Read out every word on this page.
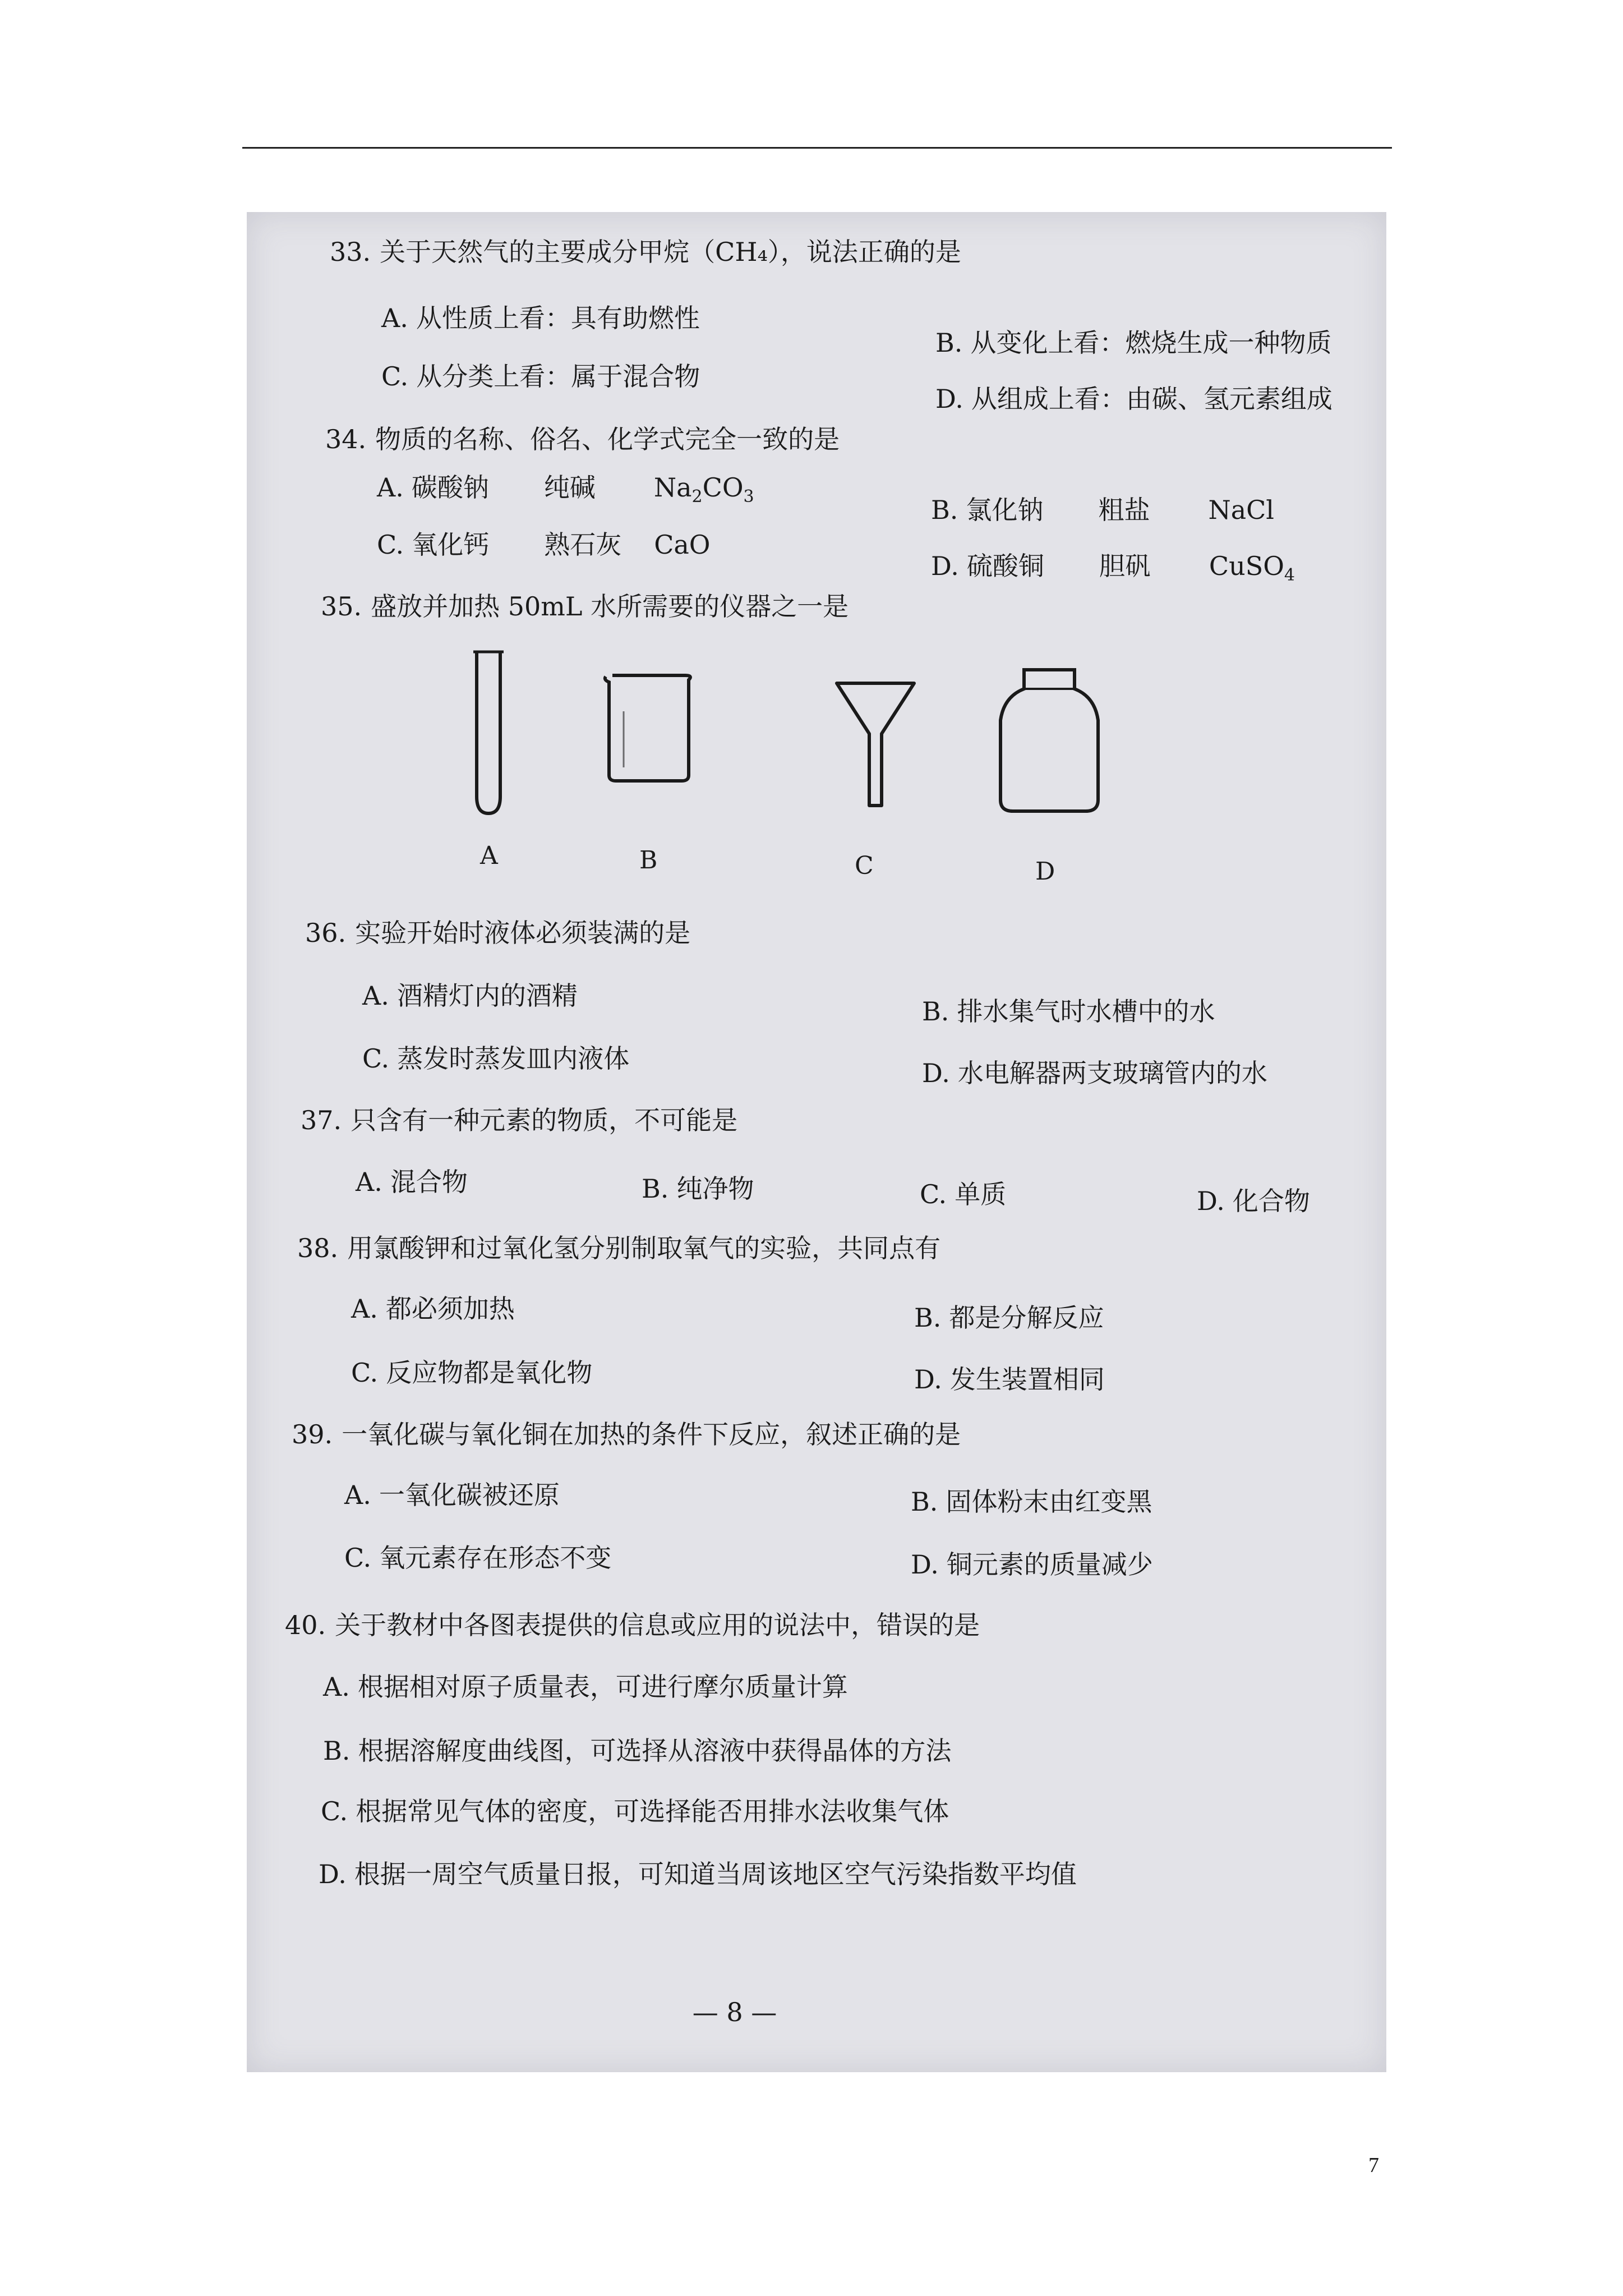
33. 关于天然气的主要成分甲烷（CH₄），说法正确的是
A. 从性质上看：具有助燃性
B. 从变化上看：燃烧生成一种物质
C. 从分类上看：属于混合物
D. 从组成上看：由碳、氢元素组成
34. 物质的名称、俗名、化学式完全一致的是
A. 碳酸钠 纯碱 $Na_2CO_3$	B. 氯化钠 粗盐 NaCl
C. 氧化钙 熟石灰 CaO
D. 硫酸铜 胆矾 CuSO$_4$
35. 盛放并加热 50mL 水所需要的仪器之一是
A	B	C	D
36. 实验开始时液体必须装满的是
A. 酒精灯内的酒精
B. 排水集气时水槽中的水
C. 蒸发时蒸发皿内液体	D. 水电解器两支玻璃管内的水
37. 只含有一种元素的物质，不可能是
A. 混合物	B. 纯净物	C. 单质	D. 化合物
38. 用氯酸钾和过氧化氢分别制取氧气的实验，共同点有
A. 都必须加热	B. 都是分解反应
C. 反应物都是氧化物	D. 发生装置相同
39. 一氧化碳与氧化铜在加热的条件下反应，叙述正确的是
A. 一氧化碳被还原	B. 固体粉末由红变黑
C. 氧元素存在形态不变	D. 铜元素的质量减少
40. 关于教材中各图表提供的信息或应用的说法中，错误的是
A. 根据相对原子质量表，可进行摩尔质量计算
B. 根据溶解度曲线图，可选择从溶液中获得晶体的方法
C. 根据常见气体的密度，可选择能否用排水法收集气体
D. 根据一周空气质量日报，可知道当周该地区空气污染指数平均值
— 8 —
7
